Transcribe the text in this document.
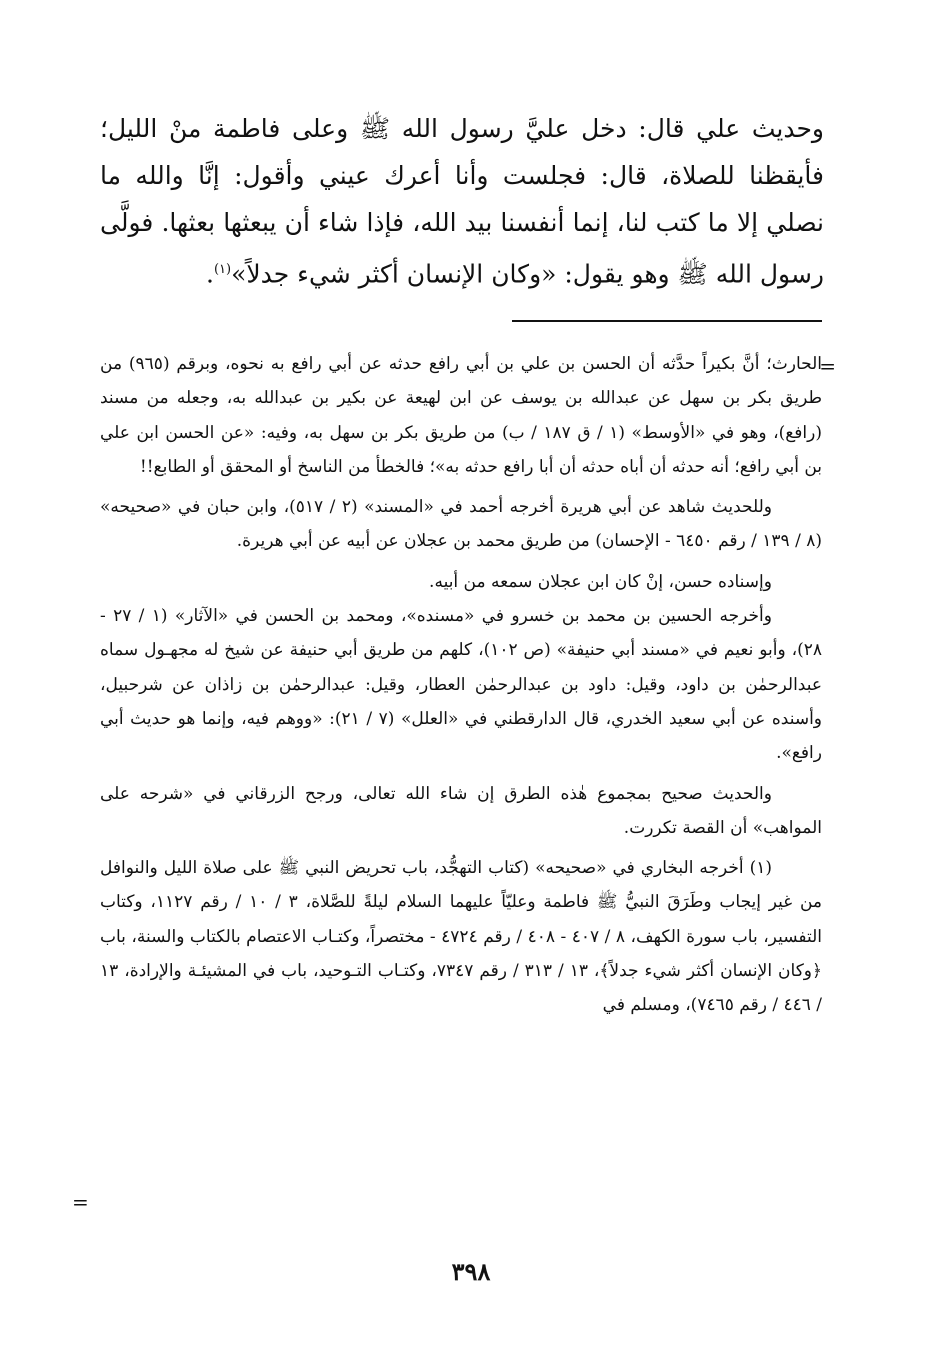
وحديث علي قال: دخل عليَّ رسول الله ﷺ وعلى فاطمة منْ الليل؛ فأيقظنا للصلاة، قال: فجلست وأنا أعرك عيني وأقول: إنَّا والله ما نصلي إلا ما كتب لنا، إنما أنفسنا بيد الله، فإذا شاء أن يبعثها بعثها. فولَّى رسول الله ﷺ وهو يقول: «وكان الإنسان أكثر شيء جدلاً»$^{(١)}$.

=

الحارث؛ أنَّ بكيراً حدَّثه أن الحسن بن علي بن أبي رافع حدثه عن أبي رافع به نحوه، وبرقم (٩٦٥) من طريق بكر بن سهل عن عبدالله بن يوسف عن ابن لهيعة عن بكير بن عبدالله به، وجعله من مسند (رافع)، وهو في «الأوسط» (١ / ق ١٨٧ / ب) من طريق بكر بن سهل به، وفيه: «عن الحسن ابن علي بن أبي رافع؛ أنه حدثه أن أباه حدثه أن أبا رافع حدثه به»؛ فالخطأ من الناسخ أو المحقق أو الطابع!!

وللحديث شاهد عن أبي هريرة أخرجه أحمد في «المسند» (٢ / ٥١٧)، وابن حبان في «صحيحه» (٨ / ١٣٩ / رقم ٦٤٥٠ - الإحسان) من طريق محمد بن عجلان عن أبيه عن أبي هريرة.

وإسناده حسن، إنْ كان ابن عجلان سمعه من أبيه.

وأخرجه الحسين بن محمد بن خسرو في «مسنده»، ومحمد بن الحسن في «الآثار» (١ / ٢٧ - ٢٨)، وأبو نعيم في «مسند أبي حنيفة» (ص ١٠٢)، كلهم من طريق أبي حنيفة عن شيخ له مجهـول سماه عبدالرحمٰن بن داود، وقيل: داود بن عبدالرحمٰن العطار، وقيل: عبدالرحمٰن بن زاذان عن شرحبيل، وأسنده عن أبي سعيد الخدري، قال الدارقطني في «العلل» (٧ / ٢١): «ووهم فيه، وإنما هو حديث أبي رافع».

والحديث صحيح بمجموع هٰذه الطرق إن شاء الله تعالى، ورجح الزرقاني في «شرحه على المواهب» أن القصة تكررت.

(١) أخرجه البخاري في «صحيحه» (كتاب التهجُّد، باب تحريض النبي ﷺ على صلاة الليل والنوافل من غير إيجاب وطَرَقَ النبيُّ ﷺ فاطمة وعليّاً عليهما السلام ليلةً للصَّلاة، ٣ / ١٠ / رقم ١١٢٧، وكتاب التفسير، باب سورة الكهف، ٨ / ٤٠٧ - ٤٠٨ / رقم ٤٧٢٤ - مختصراً، وكتـاب الاعتصام بالكتاب والسنة، باب ﴿وكان الإنسان أكثر شيء جدلاً﴾، ١٣ / ٣١٣ / رقم ٧٣٤٧، وكتـاب التـوحيد، باب في المشيئـة والإرادة، ١٣ / ٤٤٦ / رقم ٧٤٦٥)، ومسلم في

=
٣٩٨
